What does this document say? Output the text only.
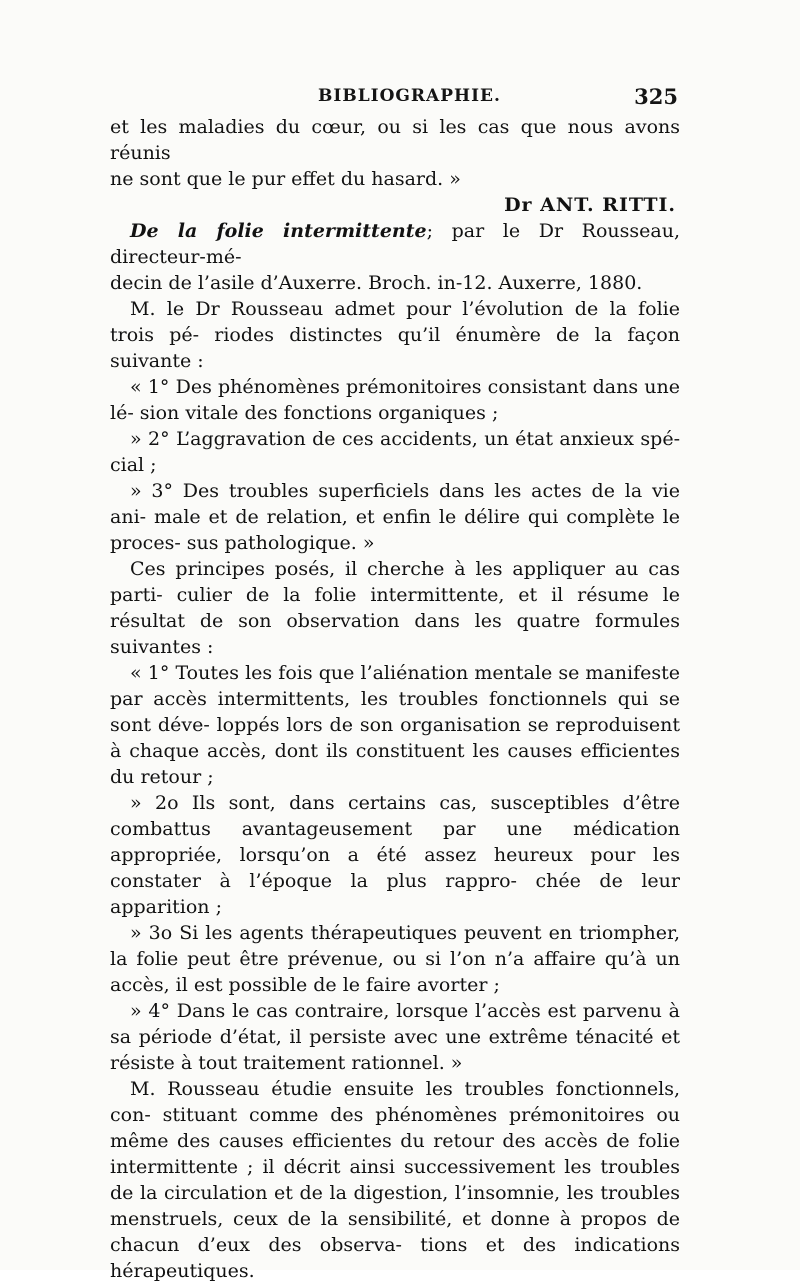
BIBLIOGRAPHIE.	325

et les maladies du cœur, ou si les cas que nous avons réunis

ne sont que le pur effet du hasard. »

Dr ANT. RITTI.

De la folie intermittente; par le Dr Rousseau, directeur-mé-

decin de l’asile d’Auxerre. Broch. in-12. Auxerre, 1880.

M. le Dr Rousseau admet pour l’évolution de la folie trois pé- riodes distinctes qu’il énumère de la façon suivante :

« 1° Des phénomènes prémonitoires consistant dans une lé- sion vitale des fonctions organiques ;

» 2° L’aggravation de ces accidents, un état anxieux spé- cial ;

» 3° Des troubles superficiels dans les actes de la vie ani- male et de relation, et enfin le délire qui complète le proces- sus pathologique. »

Ces principes posés, il cherche à les appliquer au cas parti- culier de la folie intermittente, et il résume le résultat de son observation dans les quatre formules suivantes :

« 1° Toutes les fois que l’aliénation mentale se manifeste par accès intermittents, les troubles fonctionnels qui se sont déve- loppés lors de son organisation se reproduisent à chaque accès, dont ils constituent les causes efficientes du retour ;

» 2o Ils sont, dans certains cas, susceptibles d’être combattus avantageusement par une médication appropriée, lorsqu’on a été assez heureux pour les constater à l’époque la plus rappro- chée de leur apparition ;

» 3o Si les agents thérapeutiques peuvent en triompher, la folie peut être prévenue, ou si l’on n’a affaire qu’à un accès, il est possible de le faire avorter ;

» 4° Dans le cas contraire, lorsque l’accès est parvenu à sa période d’état, il persiste avec une extrême ténacité et résiste à tout traitement rationnel. »

M. Rousseau étudie ensuite les troubles fonctionnels, con- stituant comme des phénomènes prémonitoires ou même des causes efficientes du retour des accès de folie intermittente ; il décrit ainsi successivement les troubles de la circulation et de la digestion, l’insomnie, les troubles menstruels, ceux de la sensibilité, et donne à propos de chacun d’eux des observa- tions et des indications hérapeutiques.
